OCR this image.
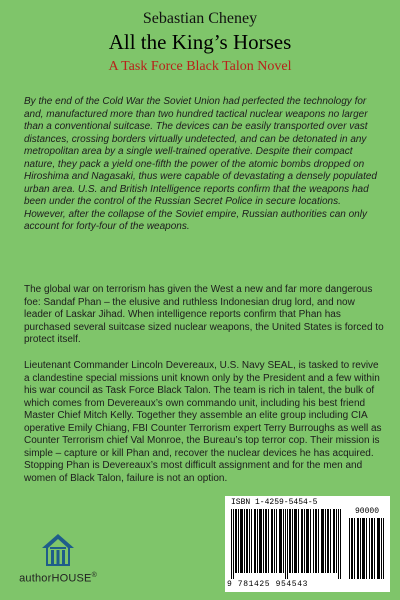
Sebastian Cheney
All the King’s Horses
A Task Force Black Talon Novel

By the end of the Cold War the Soviet Union had perfected the technology for and, manufactured more than two hundred tactical nuclear weapons no larger than a conventional suitcase. The devices can be easily transported over vast distances, crossing borders virtually undetected, and can be detonated in any metropolitan area by a single well-trained operative. Despite their compact nature, they pack a yield one-fifth the power of the atomic bombs dropped on Hiroshima and Nagasaki, thus were capable of devastating a densely populated urban area. U.S. and British Intelligence reports confirm that the weapons had been under the control of the Russian Secret Police in secure locations. However, after the collapse of the Soviet empire, Russian authorities can only account for forty-four of the weapons.

The global war on terrorism has given the West a new and far more dangerous foe: Sandaf Phan – the elusive and ruthless Indonesian drug lord, and now leader of Laskar Jihad. When intelligence reports confirm that Phan has purchased several suitcase sized nuclear weapons, the United States is forced to protect itself.

Lieutenant Commander Lincoln Devereaux, U.S. Navy SEAL, is tasked to revive a clandestine special missions unit known only by the President and a few within his war council as Task Force Black Talon. The team is rich in talent, the bulk of which comes from Devereaux’s own commando unit, including his best friend Master Chief Mitch Kelly. Together they assemble an elite group including CIA operative Emily Chiang, FBI Counter Terrorism expert Terry Burroughs as well as Counter Terrorism chief Val Monroe, the Bureau’s top terror cop. Their mission is simple – capture or kill Phan and, recover the nuclear devices he has acquired. Stopping Phan is Devereaux’s most difficult assignment and for the men and women of Black Talon, failure is not an option.

authorHOUSE®
ISBN 1-4259-5454-5
90000
9 781425 954543
